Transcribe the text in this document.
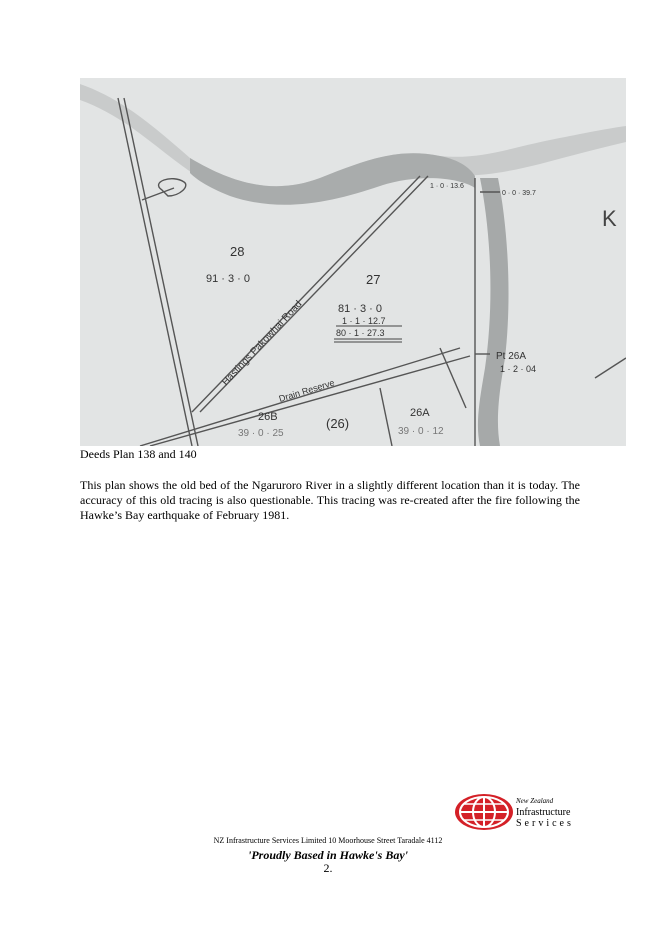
28
91 · 3 · 0	27
81 · 3 · 0
1 · 1 · 12.7
80 · 1 · 27.3
Hastings Pakowhai Road
Drain Reserve
26B
39 · 0 · 25
(26)
26A
39 · 0 · 12
Pt 26A
1 · 2 · 04
0 · 0 · 39.7
1 · 0 · 13.6
K
Deeds Plan 138 and 140

This plan shows the old bed of the Ngaruroro River in a slightly different location than it is today. The accuracy of this old tracing is also questionable. This tracing was re-created after the fire following the Hawke’s Bay earthquake of February 1981.

New Zealand
Infrastructure
Services
NZ Infrastructure Services Limited 10 Moorhouse Street Taradale 4112
'Proudly Based in Hawke's Bay'
2.
